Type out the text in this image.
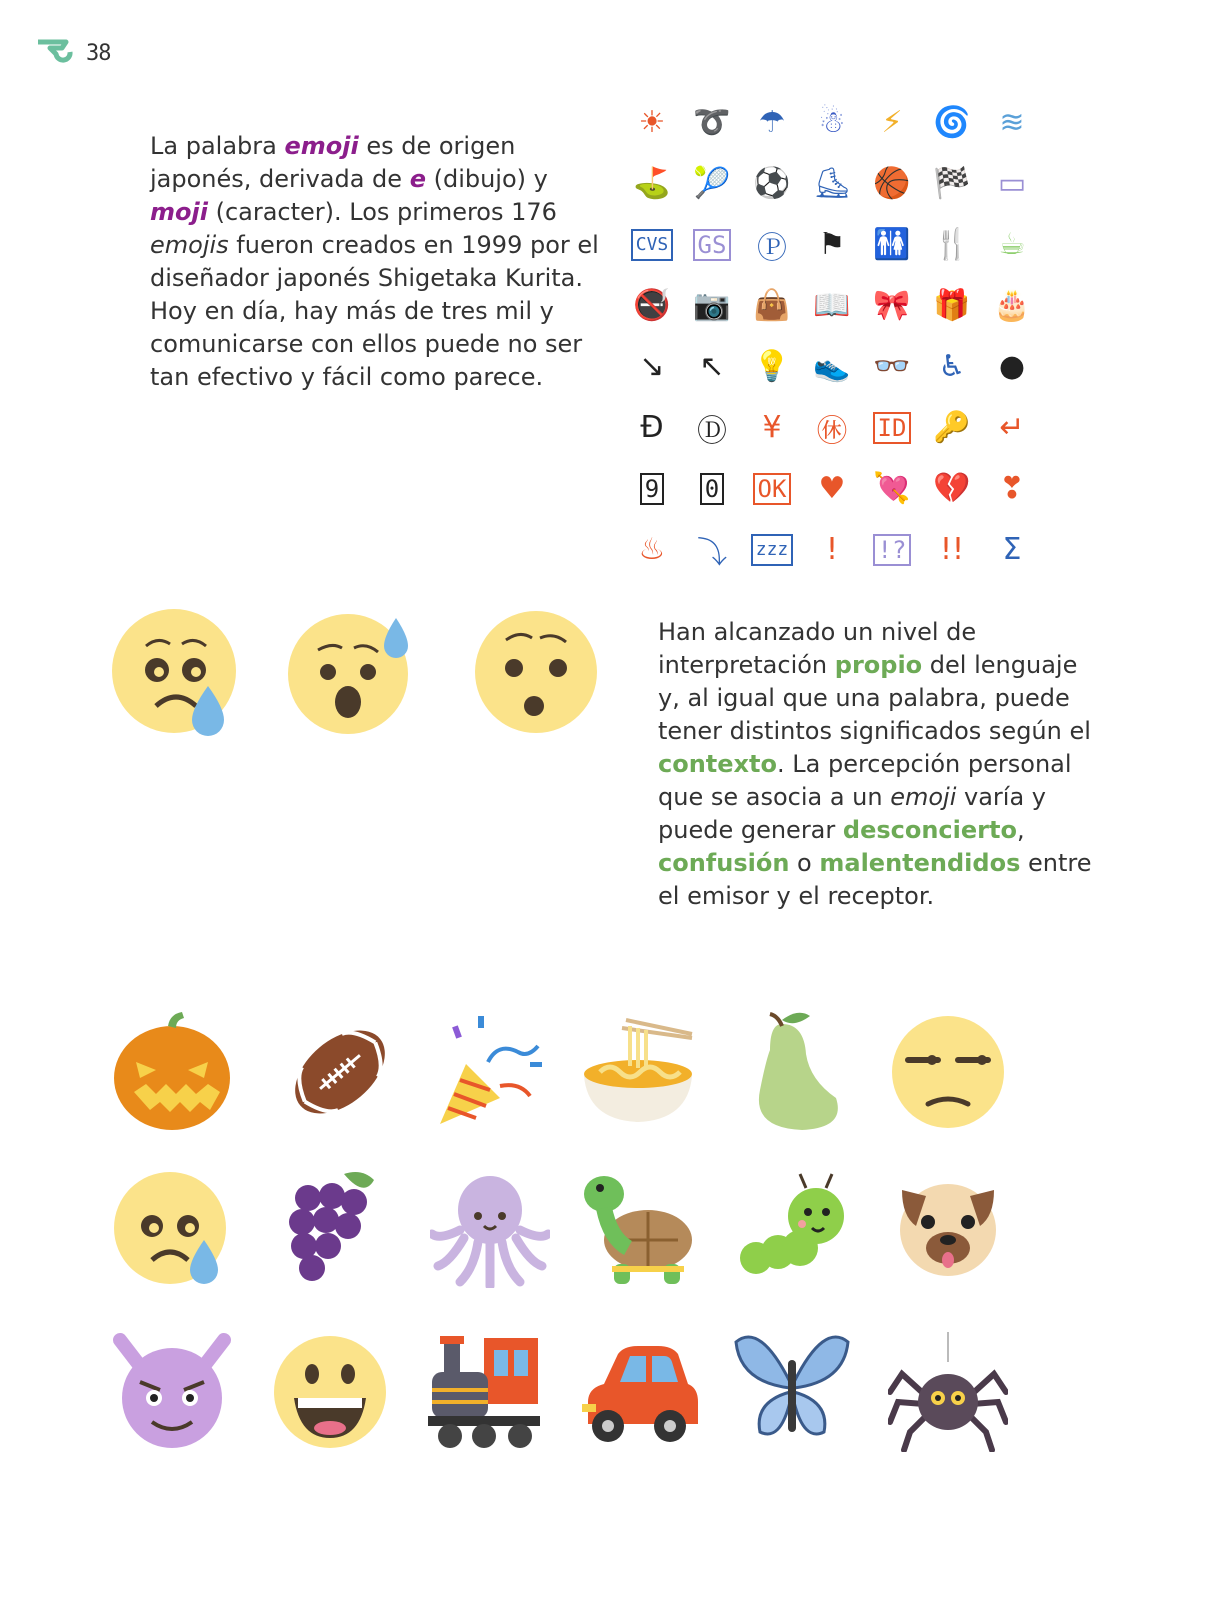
38

La palabra emoji es de origen japonés, derivada de e (dibujo) y moji (caracter). Los primeros 176 emojis fueron creados en 1999 por el diseñador japonés Shigetaka Kurita. Hoy en día, hay más de tres mil y comunicarse con ellos puede no ser tan efectivo y fácil como parece.

☀ ➰ ☂	☃	⚡	🌀 ≋
⛳ 🎾 ⚽ ⛸ 🏀 🏁 ▭
CVS GS	Ⓟ	⚑ 🚻 🍴 ☕
🚭 📷 👜 📖 🎀 🎁 🎂
↘	↖ 💡 👟 👓 ♿	●
Ð	Ⓓ	¥	㊡	ID 🔑 ↵
9 0 OK	♥ 💘 💔 ❣
♨	⤵	zzz	!	!?	!!	Σ

Han alcanzado un nivel de interpretación propio del lenguaje y, al igual que una palabra, puede tener distintos significados según el contexto. La percepción personal que se asocia a un emoji varía y puede generar desconcierto, confusión o malentendidos entre el emisor y el receptor.
